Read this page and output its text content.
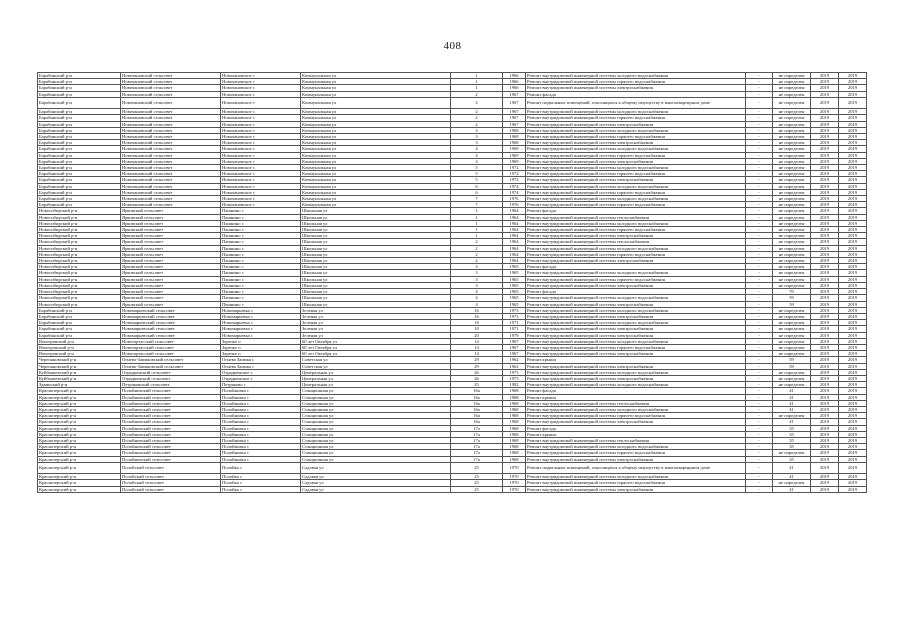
408
Барабинский р-н	Новочановский сельсовет	Новочановское с	Коммунальная ул	1	1966	Ремонт внутридомовой инженерной системы холодного водоснабжения	-	не определен	2019	2019
Барабинский р-н	Новочановский сельсовет	Новочановское с	Коммунальная ул	1	1966	Ремонт внутридомовой инженерной системы горячего водоснабжения	-	не определен	2019	2019
Барабинский р-н	Новочановский сельсовет	Новочановское с	Коммунальная ул	1	1966	Ремонт внутридомовой инженерной системы электроснабжения	-	не определен	2019	2019
Барабинский р-н	Новочановский сельсовет	Новочановское с	Коммунальная ул	2	1967	Ремонт фасада	-	не определен	2019	2019
Барабинский р-н	Новочановский сельсовет	Новочановское с	Коммунальная ул	2	1967	Ремонт подвальных помещений, относящихся к общему имуществу в многоквартирном доме	-	не определен	2019	2019
Барабинский р-н	Новочановский сельсовет	Новочановское с	Коммунальная ул	2	1967	Ремонт внутридомовой инженерной системы холодного водоснабжения	-	не определен	2019	2019
Барабинский р-н	Новочановский сельсовет	Новочановское с	Коммунальная ул	2	1967	Ремонт внутридомовой инженерной системы горячего водоснабжения	-	не определен	2019	2019
Барабинский р-н	Новочановский сельсовет	Новочановское с	Коммунальная ул	2	1967	Ремонт внутридомовой инженерной системы электроснабжения	-	не определен	2019	2019
Барабинский р-н	Новочановский сельсовет	Новочановское с	Коммунальная ул	3	1968	Ремонт внутридомовой инженерной системы холодного водоснабжения	-	не определен	2019	2019
Барабинский р-н	Новочановский сельсовет	Новочановское с	Коммунальная ул	3	1968	Ремонт внутридомовой инженерной системы горячего водоснабжения	-	не определен	2019	2019
Барабинский р-н	Новочановский сельсовет	Новочановское с	Коммунальная ул	3	1968	Ремонт внутридомовой инженерной системы электроснабжения	-	не определен	2019	2019
Барабинский р-н	Новочановский сельсовет	Новочановское с	Коммунальная ул	4	1969	Ремонт внутридомовой инженерной системы холодного водоснабжения	-	не определен	2019	2019
Барабинский р-н	Новочановский сельсовет	Новочановское с	Коммунальная ул	4	1969	Ремонт внутридомовой инженерной системы горячего водоснабжения	-	не определен	2019	2019
Барабинский р-н	Новочановский сельсовет	Новочановское с	Коммунальная ул	4	1969	Ремонт внутридомовой инженерной системы электроснабжения	-	не определен	2019	2019
Барабинский р-н	Новочановский сельсовет	Новочановское с	Коммунальная ул	5	1972	Ремонт внутридомовой инженерной системы холодного водоснабжения	-	не определен	2019	2019
Барабинский р-н	Новочановский сельсовет	Новочановское с	Коммунальная ул	5	1972	Ремонт внутридомовой инженерной системы горячего водоснабжения	-	не определен	2019	2019
Барабинский р-н	Новочановский сельсовет	Новочановское с	Коммунальная ул	5	1972	Ремонт внутридомовой инженерной системы электроснабжения	-	не определен	2019	2019
Барабинский р-н	Новочановский сельсовет	Новочановское с	Коммунальная ул	6	1974	Ремонт внутридомовой инженерной системы холодного водоснабжения	-	не определен	2019	2019
Барабинский р-н	Новочановский сельсовет	Новочановское с	Коммунальная ул	6	1974	Ремонт внутридомовой инженерной системы горячего водоснабжения	-	не определен	2019	2019
Барабинский р-н	Новочановский сельсовет	Новочановское с	Коммунальная ул	7	1976	Ремонт внутридомовой инженерной системы холодного водоснабжения	-	не определен	2019	2019
Барабинский р-н	Новочановский сельсовет	Новочановское с	Коммунальная ул	7	1976	Ремонт внутридомовой инженерной системы горячего водоснабжения	-	не определен	2019	2019
Новосибирский р-н	Ярковский сельсовет	Пашнино с	Школьная ул	1	1964	Ремонт фасада	-	не определен	2019	2019
Новосибирский р-н	Ярковский сельсовет	Пашнино с	Школьная ул	1	1964	Ремонт внутридомовой инженерной системы теплоснабжения	-	не определен	2019	2019
Новосибирский р-н	Ярковский сельсовет	Пашнино с	Школьная ул	1	1964	Ремонт внутридомовой инженерной системы холодного водоснабжения	-	не определен	2019	2019
Новосибирский р-н	Ярковский сельсовет	Пашнино с	Школьная ул	1	1964	Ремонт внутридомовой инженерной системы горячего водоснабжения	-	не определен	2019	2019
Новосибирский р-н	Ярковский сельсовет	Пашнино с	Школьная ул	1	1964	Ремонт внутридомовой инженерной системы электроснабжения	-	не определен	2019	2019
Новосибирский р-н	Ярковский сельсовет	Пашнино с	Школьная ул	2	1964	Ремонт внутридомовой инженерной системы теплоснабжения	-	не определен	2019	2019
Новосибирский р-н	Ярковский сельсовет	Пашнино с	Школьная ул	2	1964	Ремонт внутридомовой инженерной системы холодного водоснабжения	-	не определен	2019	2019
Новосибирский р-н	Ярковский сельсовет	Пашнино с	Школьная ул	2	1964	Ремонт внутридомовой инженерной системы горячего водоснабжения	-	не определен	2019	2019
Новосибирский р-н	Ярковский сельсовет	Пашнино с	Школьная ул	2	1964	Ремонт внутридомовой инженерной системы электроснабжения	-	не определен	2019	2019
Новосибирский р-н	Ярковский сельсовет	Пашнино с	Школьная ул	3	1965	Ремонт фасада	-	не определен	2019	2019
Новосибирский р-н	Ярковский сельсовет	Пашнино с	Школьная ул	3	1965	Ремонт внутридомовой инженерной системы холодного водоснабжения	-	не определен	2019	2019
Новосибирский р-н	Ярковский сельсовет	Пашнино с	Школьная ул	3	1965	Ремонт внутридомовой инженерной системы горячего водоснабжения	-	не определен	2019	2019
Новосибирский р-н	Ярковский сельсовет	Пашнино с	Школьная ул	3	1965	Ремонт внутридомовой инженерной системы электроснабжения	-	не определен	2019	2019
Новосибирский р-н	Ярковский сельсовет	Пашнино с	Школьная ул	4	1965	Ремонт фасада	-	70	2019	2019
Новосибирский р-н	Ярковский сельсовет	Пашнино с	Школьная ул	4	1965	Ремонт внутридомовой инженерной системы холодного водоснабжения	-	59	2019	2019
Новосибирский р-н	Ярковский сельсовет	Пашнино с	Школьная ул	4	1965	Ремонт внутридомовой инженерной системы электроснабжения	-	59	2019	2019
Барабинский р-н	Новомарьевский сельсовет	Новомарьевка с	Зеленая ул	16	1973	Ремонт внутридомовой инженерной системы холодного водоснабжения	-	не определен	2019	2019
Барабинский р-н	Новомарьевский сельсовет	Новомарьевка с	Зеленая ул	16	1973	Ремонт внутридомовой инженерной системы электроснабжения	-	не определен	2019	2019
Барабинский р-н	Новомарьевский сельсовет	Новомарьевка с	Зеленая ул	18	1971	Ремонт внутридомовой инженерной системы холодного водоснабжения	-	не определен	2019	2019
Барабинский р-н	Новомарьевский сельсовет	Новомарьевка с	Зеленая ул	18	1971	Ремонт внутридомовой инженерной системы электроснабжения	-	не определен	2019	2019
Барабинский р-н	Новомарьевский сельсовет	Новомарьевка с	Зеленая ул	20	1979	Ремонт внутридомовой инженерной системы электроснабжения	-	не определен	2019	2019
Венгеровский р-н	Новотартасский сельсовет	Заречье п	60 лет Октября ул	14	1967	Ремонт внутридомовой инженерной системы холодного водоснабжения	-	не определен	2019	2019
Венгеровский р-н	Новотартасский сельсовет	Заречье п	60 лет Октября ул	14	1967	Ремонт внутридомовой инженерной системы горячего водоснабжения	-	не определен	2019	2019
Венгеровский р-н	Новотартасский сельсовет	Заречье п	60 лет Октября ул	14	1967	Ремонт внутридомовой инженерной системы электроснабжения	-	не определен	2019	2019
Черепановский р-н	Огнево-Заимковский сельсовет	Огнева Заимка с	Советская ул	29	1962	Ремонт крыши	-	59	2019	2019
Черепановский р-н	Огнево-Заимковский сельсовет	Огнева Заимка с	Советская ул	29	1962	Ремонт внутридомовой инженерной системы электроснабжения	-	59	2019	2019
Куйбышевский р-н	Отрадненский сельсовет	Отрадненское с	Центральная ул	26	1975	Ремонт внутридомовой инженерной системы холодного водоснабжения	-	не определен	2019	2019
Куйбышевский р-н	Отрадненский сельсовет	Отрадненское с	Центральная ул	26	1975	Ремонт внутридомовой инженерной системы электроснабжения	-	не определен	2019	2019
Здвинский р-н	Петраковский сельсовет	Петраково с	Центральная ул	25	1982	Ремонт внутридомовой инженерной системы холодного водоснабжения	-	не определен	2019	2019
Краснозерский р-н	Полойновский сельсовет	Полойновка с	Станционная ул	16а	1968	Ремонт фасада	-	41	2019	2019
Краснозерский р-н	Полойновский сельсовет	Полойновка с	Станционная ул	16а	1968	Ремонт крыши	-	41	2019	2019
Краснозерский р-н	Полойновский сельсовет	Полойновка с	Станционная ул	16а	1968	Ремонт внутридомовой инженерной системы теплоснабжения	-	41	2019	2019
Краснозерский р-н	Полойновский сельсовет	Полойновка с	Станционная ул	16а	1968	Ремонт внутридомовой инженерной системы холодного водоснабжения	-	41	2019	2019
Краснозерский р-н	Полойновский сельсовет	Полойновка с	Станционная ул	16а	1968	Ремонт внутридомовой инженерной системы горячего водоснабжения	-	не определен	2019	2019
Краснозерский р-н	Полойновский сельсовет	Полойновка с	Станционная ул	16а	1968	Ремонт внутридомовой инженерной системы электроснабжения	-	41	2019	2019
Краснозерский р-н	Полойновский сельсовет	Полойновка с	Станционная ул	17а	1968	Ремонт фасада	-	35	2019	2019
Краснозерский р-н	Полойновский сельсовет	Полойновка с	Станционная ул	17а	1968	Ремонт крыши	-	35	2019	2019
Краснозерский р-н	Полойновский сельсовет	Полойновка с	Станционная ул	17а	1968	Ремонт внутридомовой инженерной системы теплоснабжения	-	35	2019	2019
Краснозерский р-н	Полойновский сельсовет	Полойновка с	Станционная ул	17а	1968	Ремонт внутридомовой инженерной системы холодного водоснабжения	-	35	2019	2019
Краснозерский р-н	Полойновский сельсовет	Полойновка с	Станционная ул	17а	1968	Ремонт внутридомовой инженерной системы горячего водоснабжения	-	не определен	2019	2019
Краснозерский р-н	Полойновский сельсовет	Полойновка с	Станционная ул	17а	1968	Ремонт внутридомовой инженерной системы электроснабжения	-	35	2019	2019
Краснозерский р-н	Полойский сельсовет	Полойка с	Садовая ул	25	1970	Ремонт подвальных помещений, относящихся к общему имуществу в многоквартирном доме	-	41	2019	2019
Краснозерский р-н	Полойский сельсовет	Полойка с	Садовая ул	25	1970	Ремонт внутридомовой инженерной системы холодного водоснабжения	-	41	2019	2019
Краснозерский р-н	Полойский сельсовет	Полойка с	Садовая ул	25	1970	Ремонт внутридомовой инженерной системы горячего водоснабжения	-	не определен	2019	2019
Краснозерский р-н	Полойский сельсовет	Полойка с	Садовая ул	25	1970	Ремонт внутридомовой инженерной системы электроснабжения	-	41	2019	2019
